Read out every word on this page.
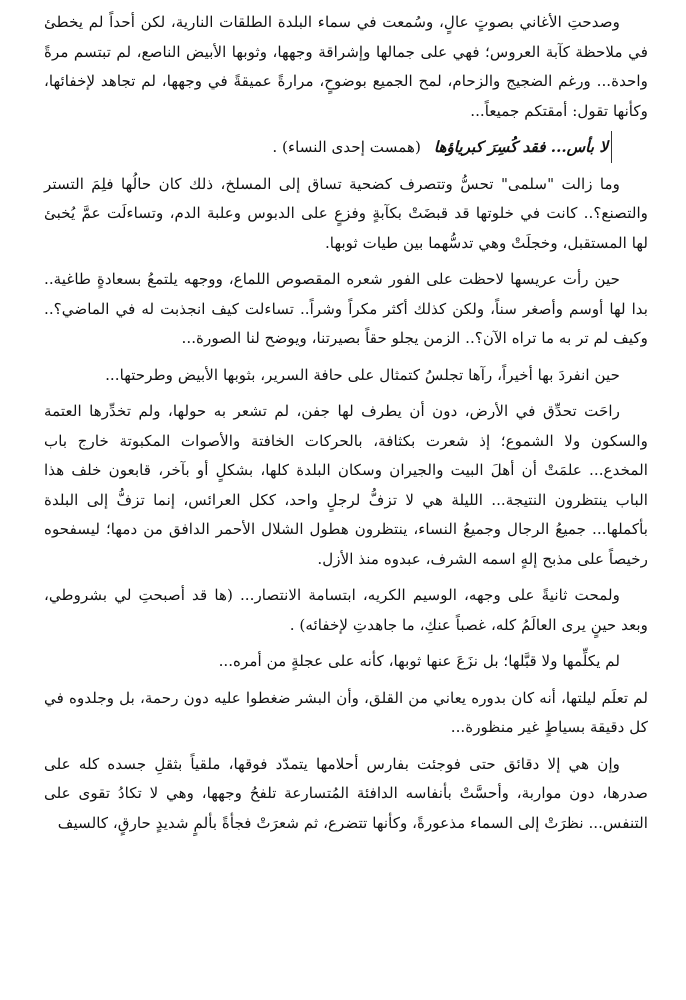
وصدحتِ الأغاني بصوتٍ عالٍ، وسُمعت في سماء البلدة الطلقات النارية، لكن أحداً لم يخطئ في ملاحظة كآبة العروس؛ فهي على جمالها وإشراقة وجهها، وثوبها الأبيض الناصع، لم تبتسم مرةً واحدة... ورغم الضجيج والزحام، لمح الجميع بوضوحٍ، مرارةً عميقةً في وجهها، لم تجاهد لإخفائها، وكأنها تقول: أمقتكم جميعاً...

لا بأس... فقد كُسِرَ كبرياؤها (همست إحدى النساء) .

وما زالت "سلمى" تحسُّ وتتصرف كضحية تساق إلى المسلخ، ذلك كان حالُها فلِمَ التستر والتصنع؟.. كانت في خلوتها قد قبضَتْ بكآبةٍ وفزعٍ على الدبوس وعلبة الدم، وتساءلَت عمَّ يُخبئ لها المستقبل، وخجلَتْ وهي تدسُّهما بين طيات ثوبها.

حين رأت عريسها لاحظت على الفور شعره المقصوص اللماع، ووجهه يلتمعُ بسعادةٍ طاغية.. بدا لها أوسم وأصغر سناً، ولكن كذلك أكثر مكراً وشراً.. تساءلت كيف انجذبت له في الماضي؟.. وكيف لم تر به ما تراه الآن؟.. الزمن يجلو حقاً بصيرتنا، ويوضح لنا الصورة...

حين انفردَ بها أخيراً، رآها تجلسُ كتمثال على حافة السرير، بثوبها الأبيض وطرحتها...

راحَت تحدِّق في الأرض، دون أن يطرف لها جفن، لم تشعر به حولها، ولم تخدِّرها العتمة والسكون ولا الشموع؛ إذ شعرت بكثافة، بالحركات الخافتة والأصوات المكبوتة خارج باب المخدع... علمَتْ أن أهلَ البيت والجيران وسكان البلدة كلها، بشكلٍ أو بآخر، قابعون خلف هذا الباب ينتظرون النتيجة... الليلة هي لا تزفُّ لرجلٍ واحد، ككل العرائس، إنما تزفُّ إلى البلدة بأكملها... جميعُ الرجال وجميعُ النساء، ينتظرون هطول الشلال الأحمر الدافق من دمها؛ ليسفحوه رخيصاً على مذبح إلهٍ اسمه الشرف، عبدوه منذ الأزل.

ولمحت ثانيةً على وجهه، الوسيم الكريه، ابتسامة الانتصار... (ها قد أصبحتِ لي بشروطي، وبعد حينٍ يرى العالَمُ كله، غصباً عنكِ، ما جاهدتِ لإخفائه) .

لم يكلِّمها ولا قبَّلها؛ بل نزَعَ عنها ثوبها، كأنه على عجلةٍ من أمره...

لم تعلَم ليلتها، أنه كان بدوره يعاني من القلق، وأن البشر ضغطوا عليه دون رحمة، بل وجلدوه في كل دقيقة بسياطٍ غير منظورة...

وإن هي إلا دقائق حتى فوجئت بفارس أحلامها يتمدّد فوقها، ملقياً بثقلِ جسده كله على صدرها، دون مواربة، وأحسَّتْ بأنفاسه الدافئة المُتسارعة تلفحُ وجهها، وهي لا تكادُ تقوى على التنفس... نظرَتْ إلى السماء مذعورةً، وكأنها تتضرع، ثم شعرَتْ فجأةً بألمٍ شديدٍ حارقٍ، كالسيف
